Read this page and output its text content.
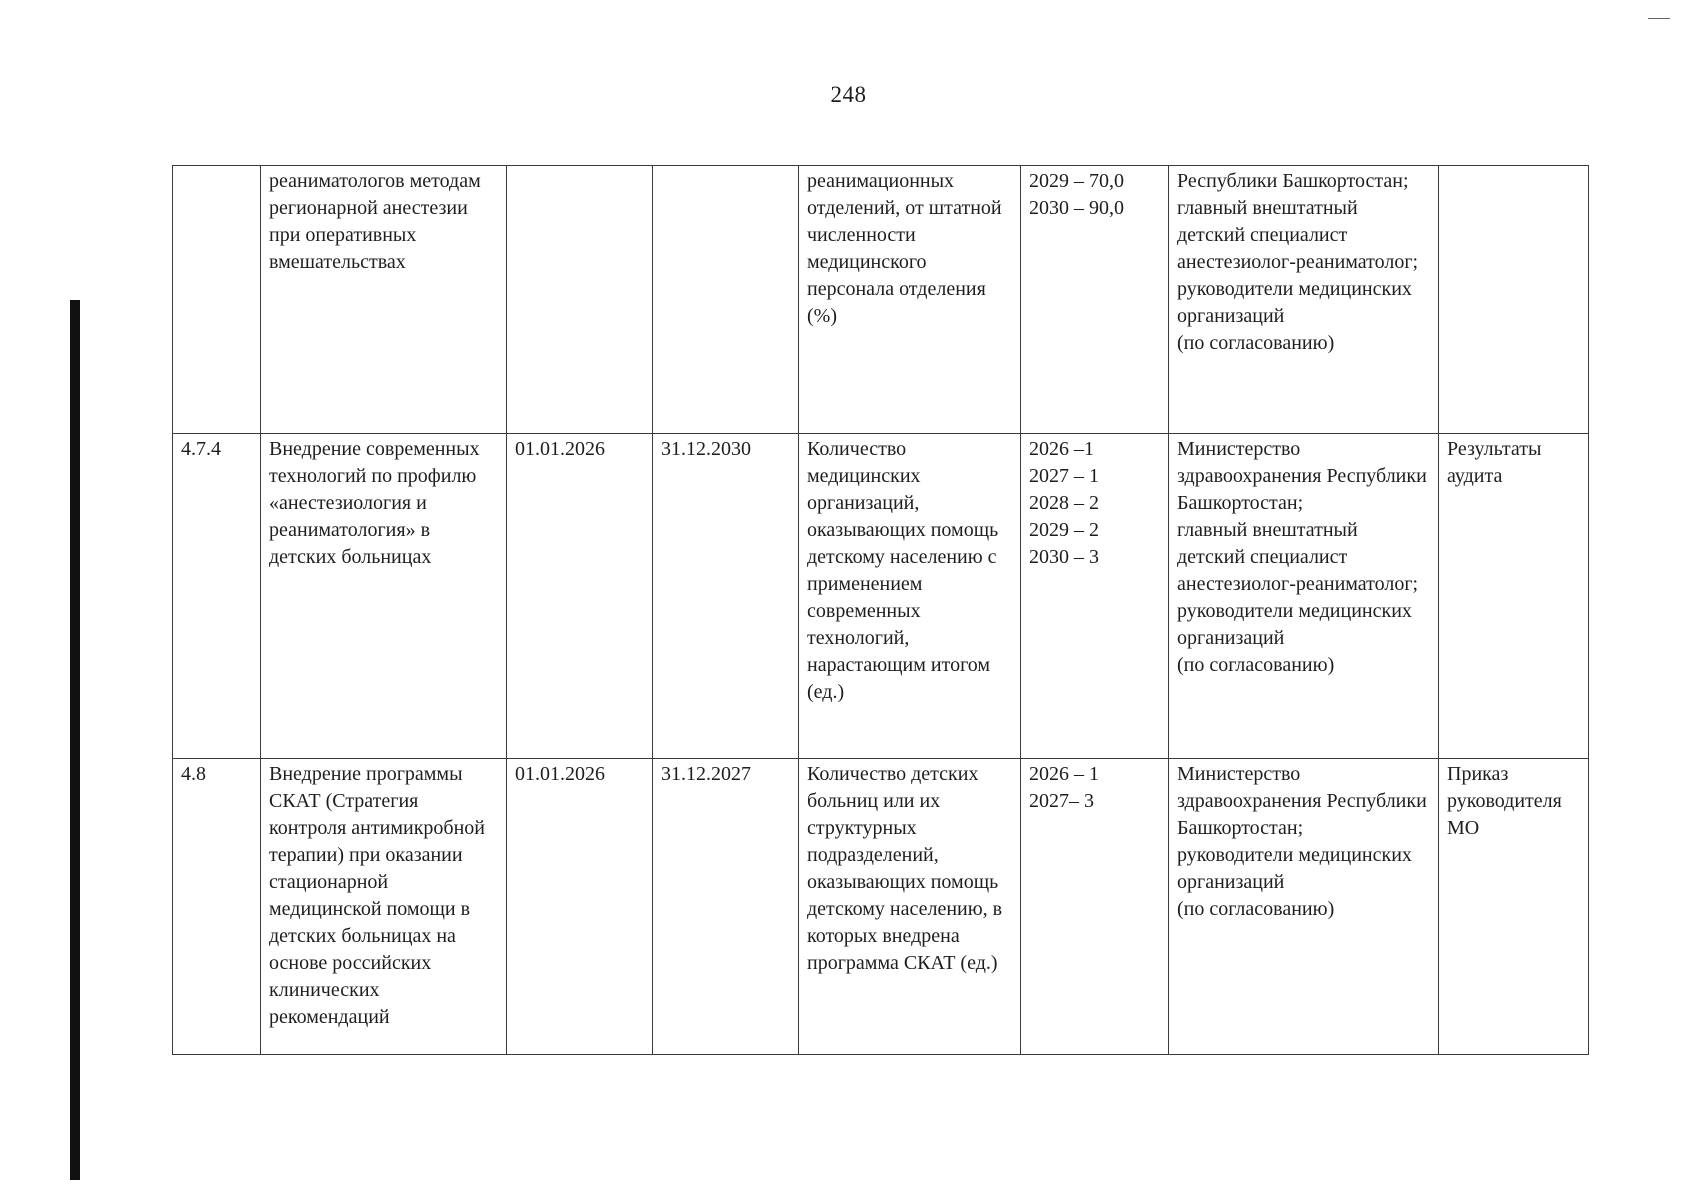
248
	реаниматологов методам регионарной анестезии при оперативных вмешательствах			реанимационных отделений, от штатной численности медицинского персонала отделения (%)	2029 – 70,0
2030 – 90,0	Республики Башкортостан;
главный внештатный детский специалист анестезиолог-реаниматолог;
руководители медицинских организаций
(по согласованию)	
4.7.4	Внедрение современных технологий по профилю «анестезиология и реаниматология» в детских больницах	01.01.2026	31.12.2030	Количество медицинских организаций, оказывающих помощь детскому населению с применением современных технологий, нарастающим итогом (ед.)	2026 –1
2027 – 1
2028 – 2
2029 – 2
2030 – 3	Министерство здравоохранения Республики Башкортостан;
главный внештатный детский специалист анестезиолог-реаниматолог;
руководители медицинских организаций
(по согласованию)	Результаты аудита
4.8	Внедрение программы СКАТ (Стратегия контроля антимикробной терапии) при оказании стационарной медицинской помощи в детских больницах на основе российских клинических рекомендаций	01.01.2026	31.12.2027	Количество детских больниц или их структурных подразделений, оказывающих помощь детскому населению, в которых внедрена программа СКАТ (ед.)	2026 – 1
2027– 3	Министерство здравоохранения Республики Башкортостан;
руководители медицинских организаций
(по согласованию)	Приказ руководителя МО
